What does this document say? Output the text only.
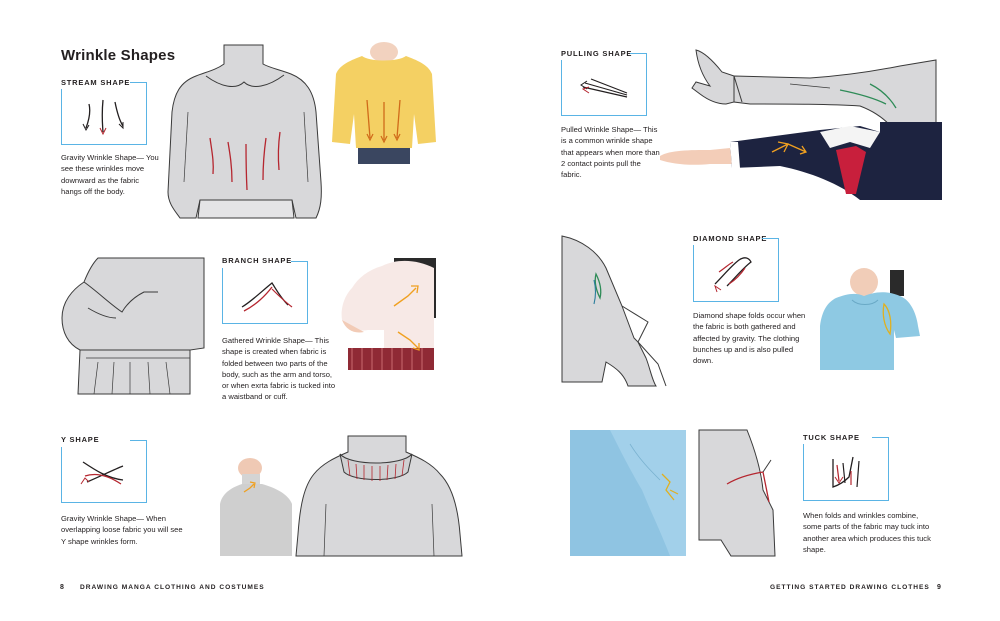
Wrinkle Shapes
STREAM SHAPE
Gravity Wrinkle Shape— You see these wrinkles move downward as the fabric hangs off the body.
BRANCH SHAPE
Gathered Wrinkle Shape— This shape is created when fabric is folded between two parts of the body, such as the arm and torso, or when exrta fabric is tucked into a waistband or cuff.
Y SHAPE
Gravity Wrinkle Shape— When overlapping loose fabric you will see Y shape wrinkles form.
PULLING SHAPE
Pulled Wrinkle Shape— This is a common wrinkle shape that appears when more than 2 contact points pull the fabric.
DIAMOND SHAPE
Diamond shape folds occur when the fabric is both gathered and affected by gravity. The clothing bunches up and is also pulled down.
TUCK SHAPE
When folds and wrinkles combine, some parts of the fabric may tuck into another area which produces this tuck shape.
8 DRAWING MANGA CLOTHING AND COSTUMES	GETTING STARTED DRAWING CLOTHES 9
